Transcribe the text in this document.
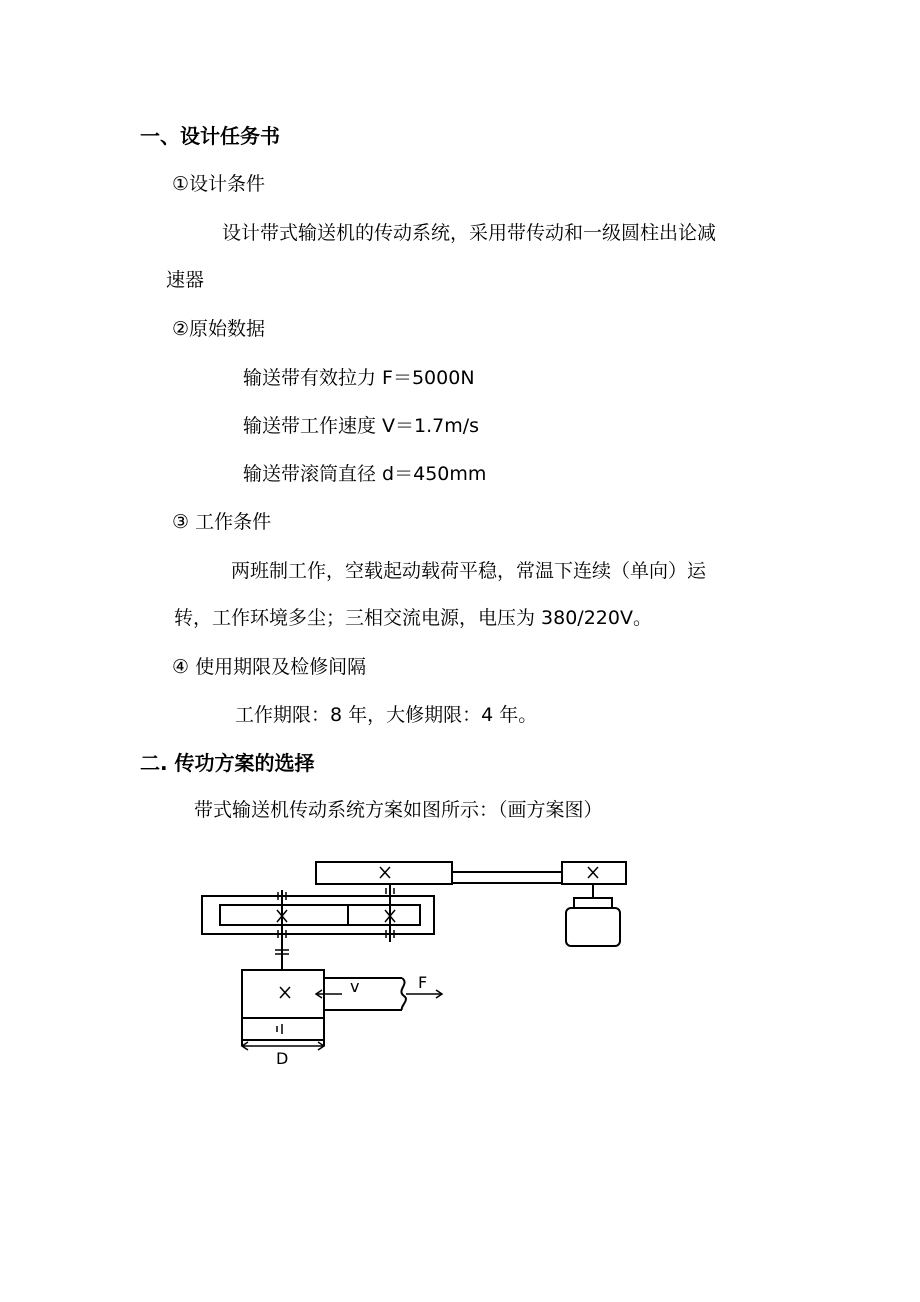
一、设计任务书
①设计条件
设计带式输送机的传动系统，采用带传动和一级圆柱出论减
速器
②原始数据
输送带有效拉力 F＝5000N
输送带工作速度 V＝1.7m/s
输送带滚筒直径 d＝450mm
③ 工作条件
两班制工作，空载起动载荷平稳，常温下连续（单向）运
转，工作环境多尘；三相交流电源，电压为 380/220V。
④ 使用期限及检修间隔
工作期限：8 年，大修期限：4 年。
二. 传功方案的选择
带式输送机传动系统方案如图所示：（画方案图）
v	F
D
